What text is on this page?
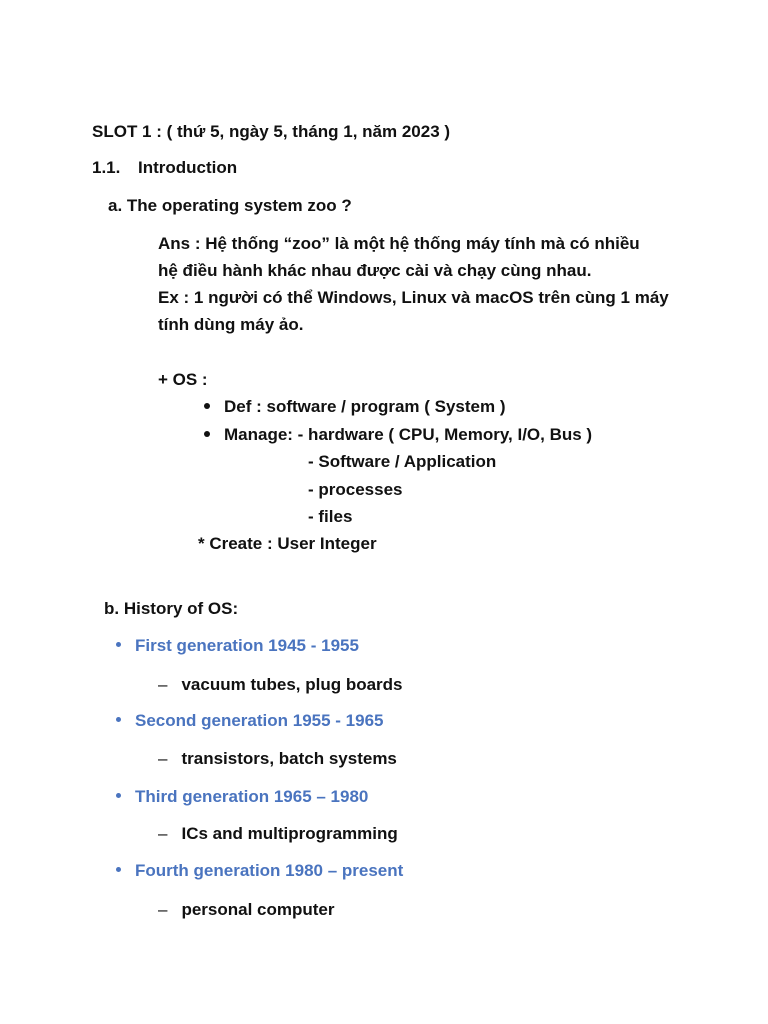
SLOT 1 : ( thứ 5, ngày 5, tháng 1, năm 2023 )
1.1. Introduction
a. The operating system zoo ?
Ans : Hệ thống “zoo” là một hệ thống máy tính mà có nhiều
hệ điều hành khác nhau được cài và chạy cùng nhau.
Ex : 1 người có thể Windows, Linux và macOS trên cùng 1 máy
tính dùng máy ảo.
+ OS :
Def : software / program ( System )
Manage: - hardware ( CPU, Memory, I/O, Bus )
- Software / Application
- processes
- files
* Create : User Integer
b. History of OS:
First generation 1945 - 1955
– vacuum tubes, plug boards
Second generation 1955 - 1965
– transistors, batch systems
Third generation 1965 – 1980
– ICs and multiprogramming
Fourth generation 1980 – present
– personal computer
